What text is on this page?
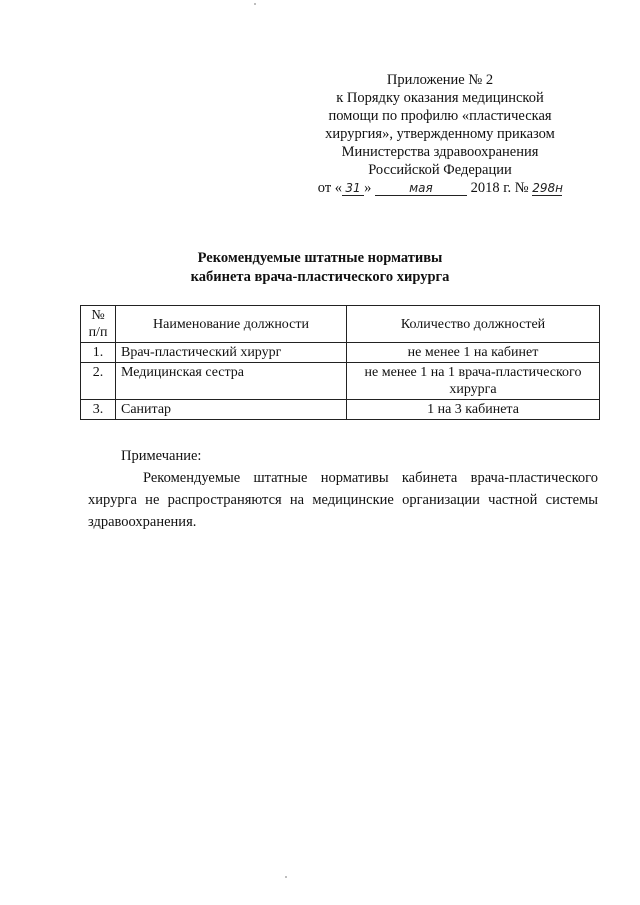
Приложение № 2
к Порядку оказания медицинской
помощи по профилю «пластическая
хирургия», утвержденному приказом
Министерства здравоохранения
Российской Федерации
от « 31 »	мая	2018 г. № 298н
Рекомендуемые штатные нормативы
кабинета врача-пластического хирурга
№ п/п	Наименование должности	Количество должностей
1.	Врач-пластический хирург	не менее 1 на кабинет
2.	Медицинская сестра	не менее 1 на 1 врача-пластического хирурга
3.	Санитар	1 на 3 кабинета
Примечание:
Рекомендуемые штатные нормативы кабинета врача-пластического хирурга не распространяются на медицинские организации частной системы здравоохранения.
